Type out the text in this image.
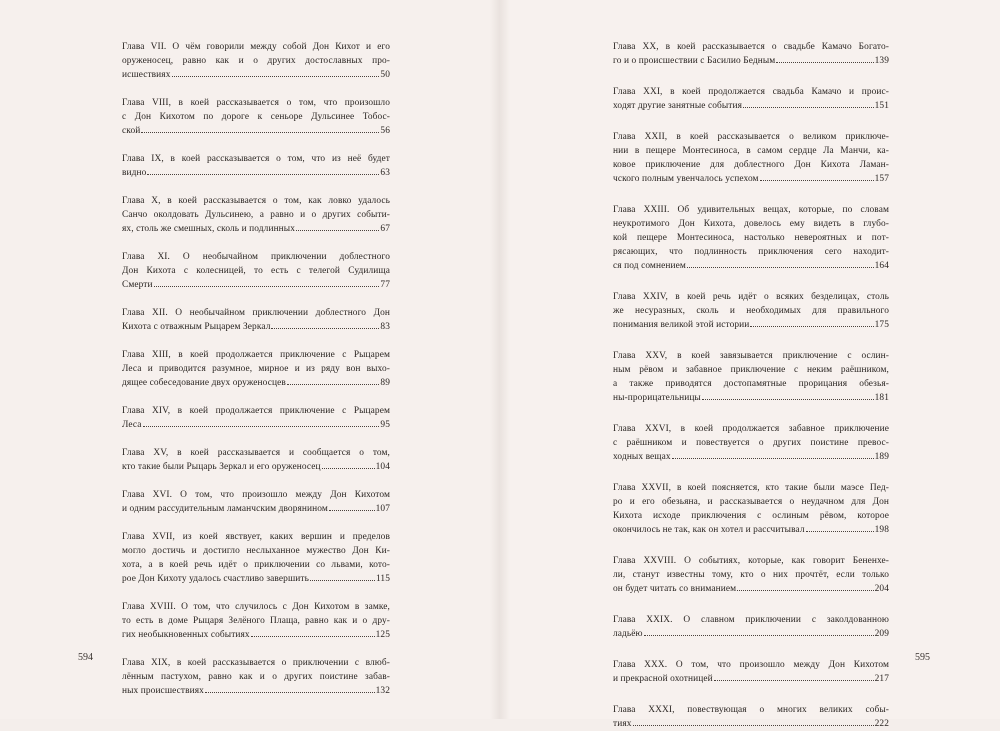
Глава VII. О чём говорили между собой Дон Кихот и его
оруженосец, равно как и о других достославных про-
исшествиях	50
Глава VIII, в коей рассказывается о том, что произошло
с Дон Кихотом по дороге к сеньоре Дульсинее Тобос-
ской	56
Глава IX, в коей рассказывается о том, что из неё будет
видно	63
Глава X, в коей рассказывается о том, как ловко удалось
Санчо околдовать Дульсинею, а равно и о других событи-
ях, столь же смешных, сколь и подлинных	67
Глава XI. О необычайном приключении доблестного
Дон Кихота с колесницей, то есть с телегой Судилища
Смерти	77
Глава XII. О необычайном приключении доблестного Дон
Кихота с отважным Рыцарем Зеркал	83
Глава XIII, в коей продолжается приключение с Рыцарем
Леса и приводится разумное, мирное и из ряду вон выхо-
дящее собеседование двух оруженосцев	89
Глава XIV, в коей продолжается приключение с Рыцарем
Леса	95
Глава XV, в коей рассказывается и сообщается о том,
кто такие были Рыцарь Зеркал и его оруженосец	104
Глава XVI. О том, что произошло между Дон Кихотом
и одним рассудительным ламанчским дворянином	107
Глава XVII, из коей явствует, каких вершин и пределов
могло достичь и достигло неслыханное мужество Дон Ки-
хота, а в коей речь идёт о приключении со львами, кото-
рое Дон Кихоту удалось счастливо завершить	115
Глава XVIII. О том, что случилось с Дон Кихотом в замке,
то есть в доме Рыцаря Зелёного Плаща, равно как и о дру-
гих необыкновенных событиях	125
Глава XIX, в коей рассказывается о приключении с влюб-
лённым пастухом, равно как и о других поистине забав-
ных происшествиях	132
594
Глава XX, в коей рассказывается о свадьбе Камачо Богато-
го и о происшествии с Басилио Бедным	139
Глава XXI, в коей продолжается свадьба Камачо и проис-
ходят другие занятные события	151
Глава XXII, в коей рассказывается о великом приключе-
нии в пещере Монтесиноса, в самом сердце Ла Манчи, ка-
ковое приключение для доблестного Дон Кихота Ламан-
чского полным увенчалось успехом	157
Глава XXIII. Об удивительных вещах, которые, по словам
неукротимого Дон Кихота, довелось ему видеть в глубо-
кой пещере Монтесиноса, настолько невероятных и пот-
рясающих, что подлинность приключения сего находит-
ся под сомнением	164
Глава XXIV, в коей речь идёт о всяких безделицах, столь
же несуразных, сколь и необходимых для правильного
понимания великой этой истории	175
Глава XXV, в коей завязывается приключение с ослин-
ным рёвом и забавное приключение с неким раёшником,
а также приводятся достопамятные прорицания обезья-
ны-прорицательницы	181
Глава XXVI, в коей продолжается забавное приключение
с раёшником и повествуется о других поистине превос-
ходных вещах	189
Глава XXVII, в коей поясняется, кто такие были маэсе Пед-
ро и его обезьяна, и рассказывается о неудачном для Дон
Кихота исходе приключения с ослиным рёвом, которое
окончилось не так, как он хотел и рассчитывал	198
Глава XXVIII. О событиях, которые, как говорит Бененхе-
ли, станут известны тому, кто о них прочтёт, если только
он будет читать со вниманием	204
Глава XXIX. О славном приключении с заколдованною
ладьёю	209
Глава XXX. О том, что произошло между Дон Кихотом
и прекрасной охотницей	217
Глава XXXI, повествующая о многих великих собы-
тиях	222
595
